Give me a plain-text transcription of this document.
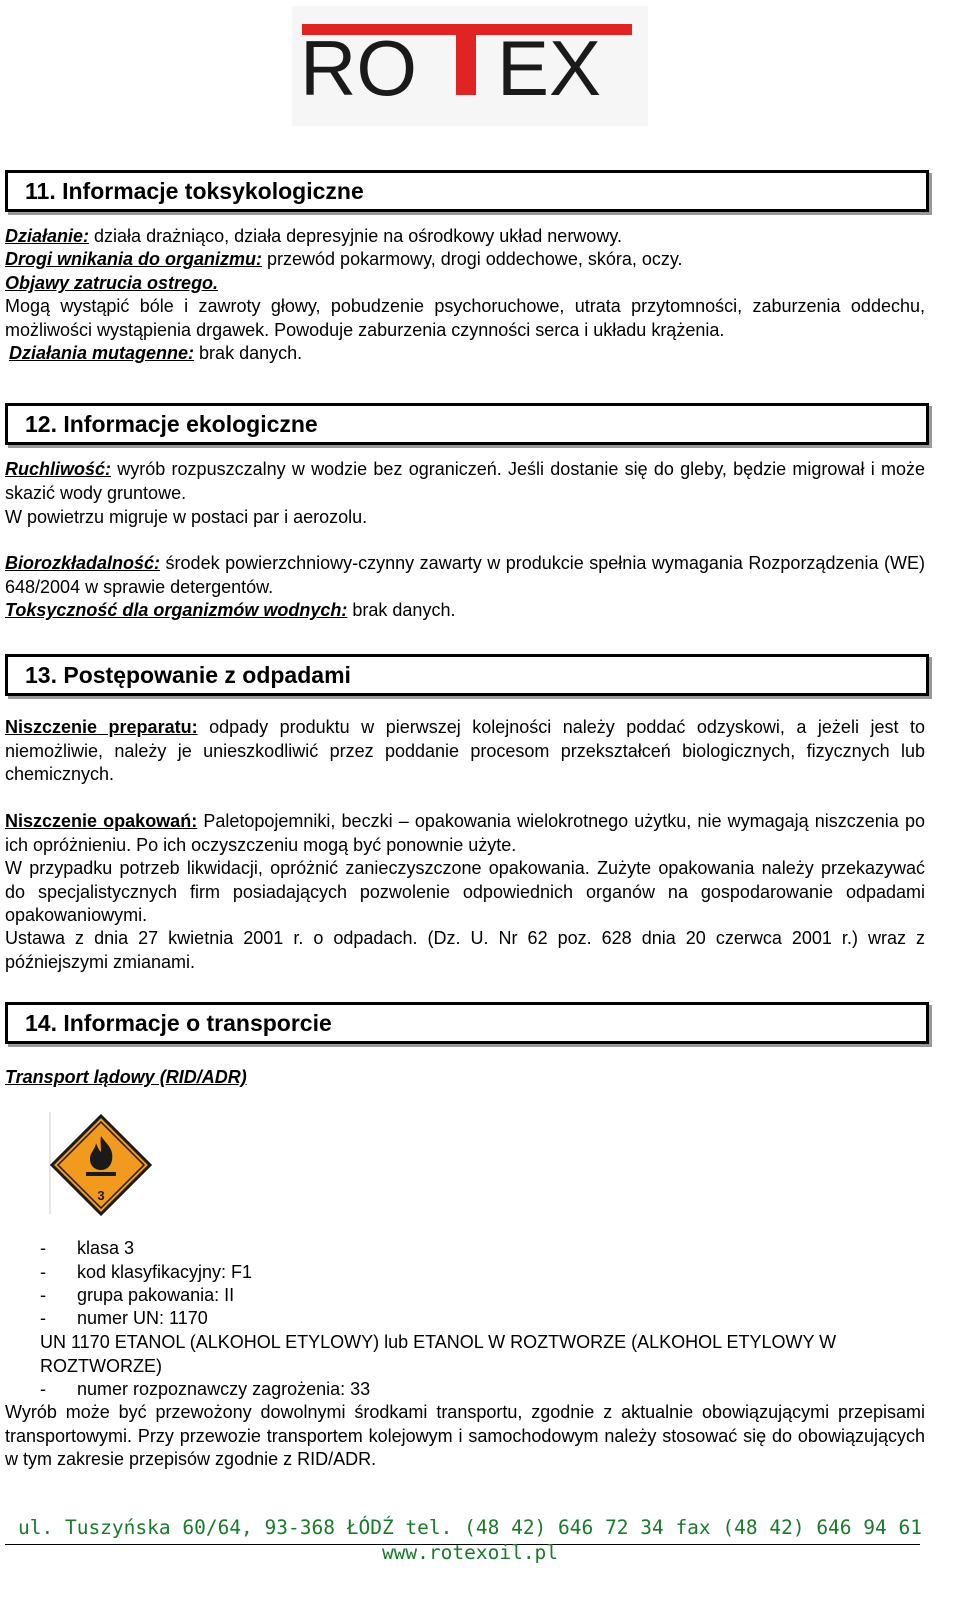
RO EX
11. Informacje toksykologiczne

Działanie: działa drażniąco, działa depresyjnie na ośrodkowy układ nerwowy.

Drogi wnikania do organizmu: przewód pokarmowy, drogi oddechowe, skóra, oczy.

Objawy zatrucia ostrego.

Mogą wystąpić bóle i zawroty głowy, pobudzenie psychoruchowe, utrata przytomności, zaburzenia oddechu, możliwości wystąpienia drgawek. Powoduje zaburzenia czynności serca i układu krążenia.

Działania mutagenne: brak danych.

12. Informacje ekologiczne

Ruchliwość: wyrób rozpuszczalny w wodzie bez ograniczeń. Jeśli dostanie się do gleby, będzie migrował i może skazić wody gruntowe.

W powietrzu migruje w postaci par i aerozolu.

Biorozkładalność: środek powierzchniowy-czynny zawarty w produkcie spełnia wymagania Rozporządzenia (WE) 648/2004 w sprawie detergentów.

Toksyczność dla organizmów wodnych: brak danych.

13. Postępowanie z odpadami

Niszczenie preparatu: odpady produktu w pierwszej kolejności należy poddać odzyskowi, a jeżeli jest to niemożliwie, należy je unieszkodliwić przez poddanie procesom przekształceń biologicznych, fizycznych lub chemicznych.

Niszczenie opakowań: Paletopojemniki, beczki – opakowania wielokrotnego użytku, nie wymagają niszczenia po ich opróżnieniu. Po ich oczyszczeniu mogą być ponownie użyte.

W przypadku potrzeb likwidacji, opróżnić zanieczyszczone opakowania. Zużyte opakowania należy przekazywać do specjalistycznych firm posiadających pozwolenie odpowiednich organów na gospodarowanie odpadami opakowaniowymi.

Ustawa z dnia 27 kwietnia 2001 r. o odpadach. (Dz. U. Nr 62 poz. 628 dnia 20 czerwca 2001 r.) wraz z późniejszymi zmianami.

14. Informacje o transporcie

Transport lądowy (RID/ADR)

3
- klasa 3
- kod klasyfikacyjny: F1
- grupa pakowania: II
- numer UN: 1170

UN 1170 ETANOL (ALKOHOL ETYLOWY) lub ETANOL W ROZTWORZE (ALKOHOL ETYLOWY W ROZTWORZE)

- numer rozpoznawczy zagrożenia: 33

Wyrób może być przewożony dowolnymi środkami transportu, zgodnie z aktualnie obowiązującymi przepisami transportowymi. Przy przewozie transportem kolejowym i samochodowym należy stosować się do obowiązujących w tym zakresie przepisów zgodnie z RID/ADR.

ul. Tuszyńska 60/64, 93-368 ŁÓDŹ tel. (48 42) 646 72 34 fax (48 42) 646 94 61
www.rotexoil.pl
